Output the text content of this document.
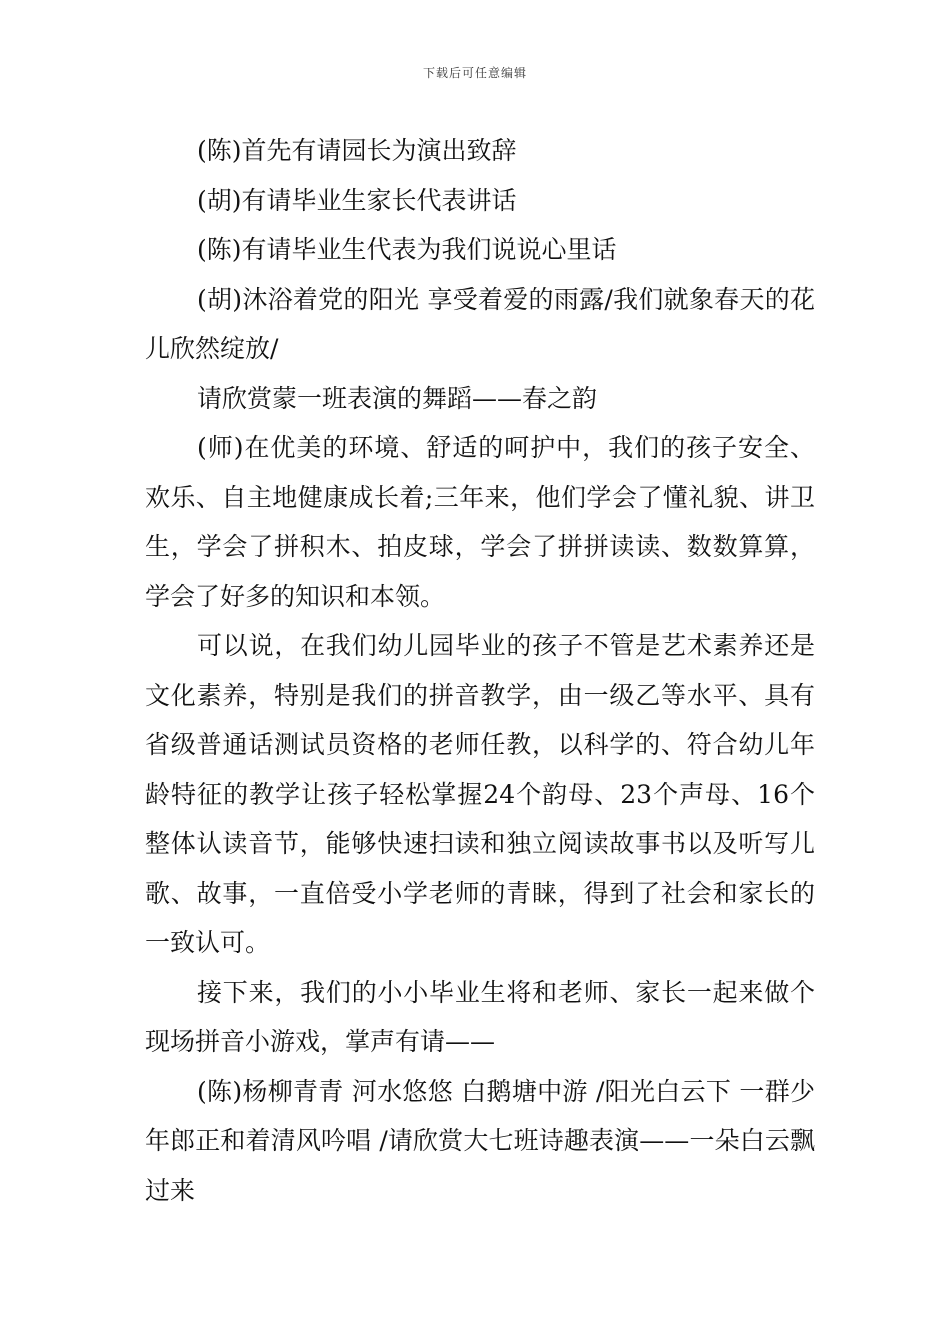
下载后可任意编辑

(陈)首先有请园长为演出致辞

(胡)有请毕业生家长代表讲话

(陈)有请毕业生代表为我们说说心里话

(胡)沐浴着党的阳光 享受着爱的雨露/我们就象春天的花儿欣然绽放/

请欣赏蒙一班表演的舞蹈——春之韵

(师)在优美的环境、舒适的呵护中，我们的孩子安全、欢乐、自主地健康成长着;三年来，他们学会了懂礼貌、讲卫生，学会了拼积木、拍皮球，学会了拼拼读读、数数算算，学会了好多的知识和本领。

可以说，在我们幼儿园毕业的孩子不管是艺术素养还是文化素养，特别是我们的拼音教学，由一级乙等水平、具有省级普通话测试员资格的老师任教，以科学的、符合幼儿年龄特征的教学让孩子轻松掌握24个韵母、23个声母、16个整体认读音节，能够快速扫读和独立阅读故事书以及听写儿歌、故事，一直倍受小学老师的青睐，得到了社会和家长的一致认可。

接下来，我们的小小毕业生将和老师、家长一起来做个现场拼音小游戏，掌声有请——

(陈)杨柳青青 河水悠悠 白鹅塘中游 /阳光白云下 一群少年郎正和着清风吟唱 /请欣赏大七班诗趣表演——一朵白云飘过来
